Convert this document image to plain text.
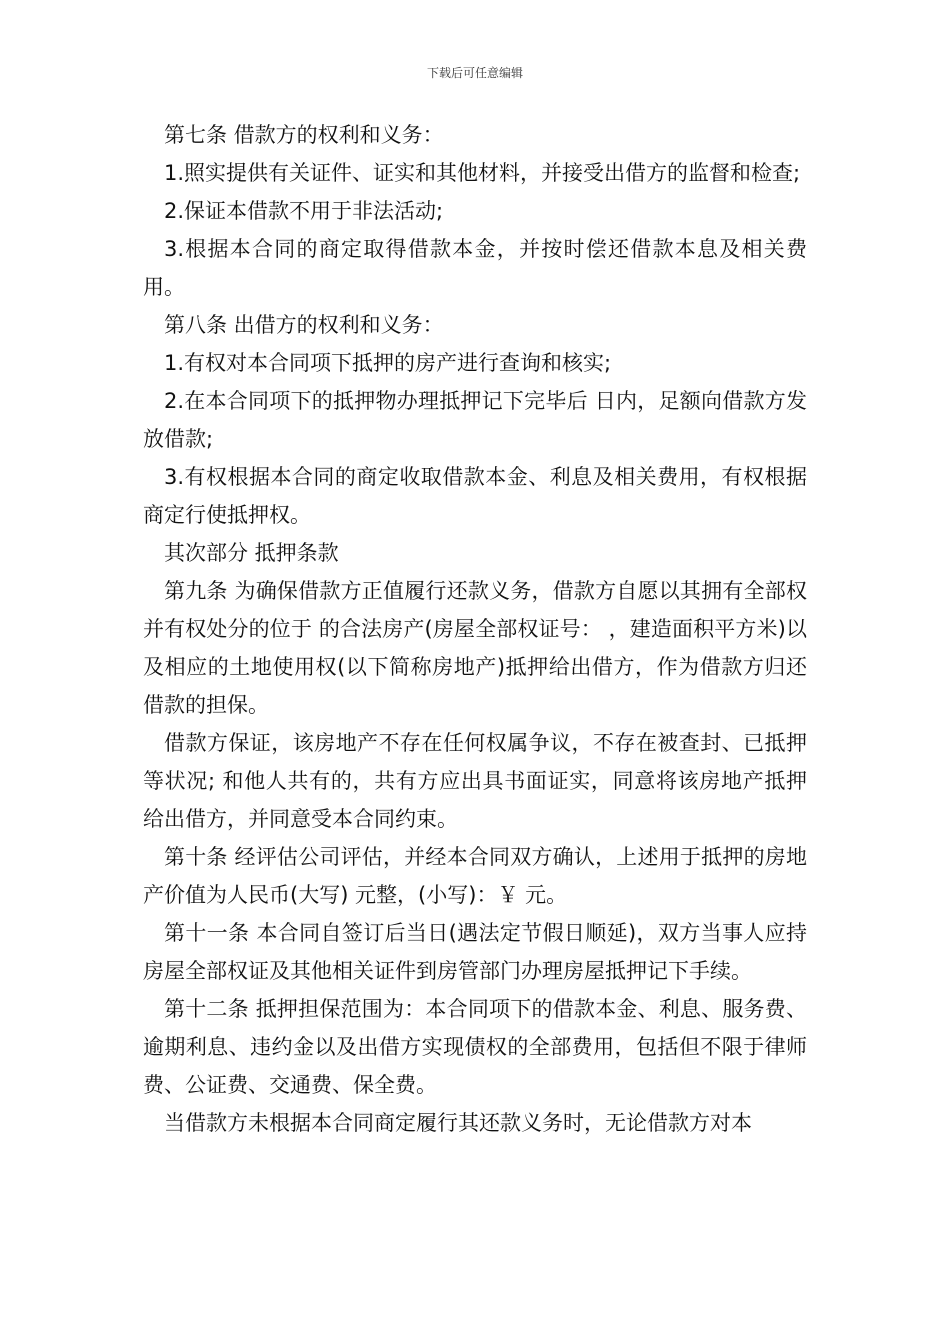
下载后可任意编辑

第七条 借款方的权利和义务：

1.照实提供有关证件、证实和其他材料，并接受出借方的监督和检查;

2.保证本借款不用于非法活动;

3.根据本合同的商定取得借款本金，并按时偿还借款本息及相关费用。

第八条 出借方的权利和义务：

1.有权对本合同项下抵押的房产进行查询和核实;

2.在本合同项下的抵押物办理抵押记下完毕后 日内，足额向借款方发放借款;

3.有权根据本合同的商定收取借款本金、利息及相关费用，有权根据商定行使抵押权。

其次部分 抵押条款

第九条 为确保借款方正值履行还款义务，借款方自愿以其拥有全部权并有权处分的位于 的合法房产(房屋全部权证号： ，建造面积平方米)以及相应的土地使用权(以下简称房地产)抵押给出借方，作为借款方归还借款的担保。

借款方保证，该房地产不存在任何权属争议，不存在被查封、已抵押等状况; 和他人共有的，共有方应出具书面证实，同意将该房地产抵押给出借方，并同意受本合同约束。

第十条 经评估公司评估，并经本合同双方确认，上述用于抵押的房地产价值为人民币(大写) 元整，(小写)：￥ 元。

第十一条 本合同自签订后当日(遇法定节假日顺延)，双方当事人应持房屋全部权证及其他相关证件到房管部门办理房屋抵押记下手续。

第十二条 抵押担保范围为：本合同项下的借款本金、利息、服务费、逾期利息、违约金以及出借方实现债权的全部费用，包括但不限于律师费、公证费、交通费、保全费。

当借款方未根据本合同商定履行其还款义务时，无论借款方对本
